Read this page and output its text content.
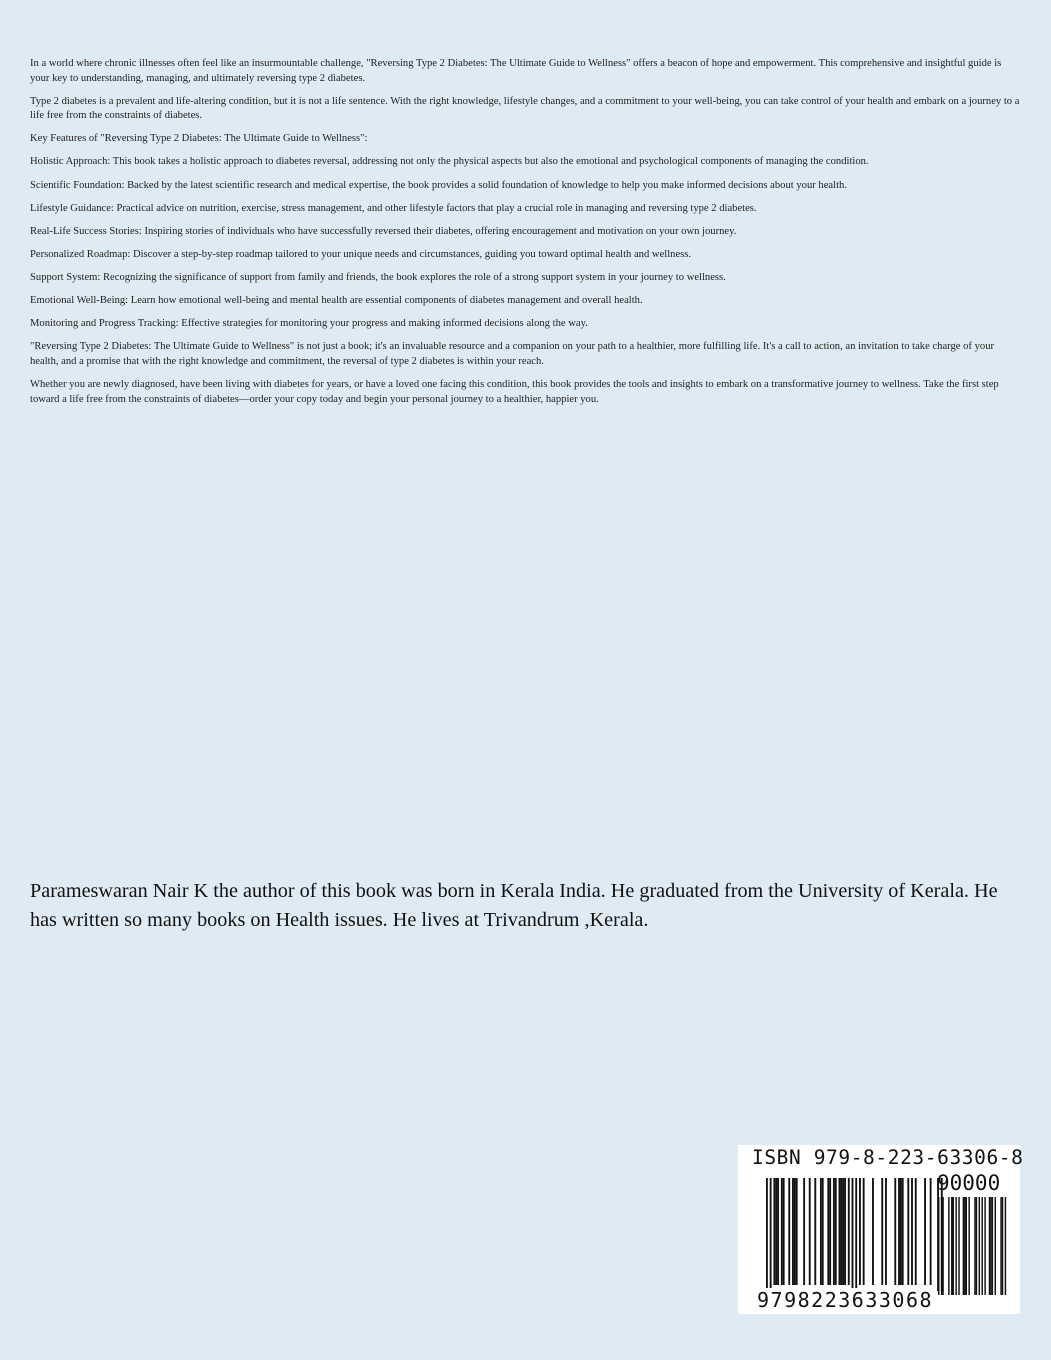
In a world where chronic illnesses often feel like an insurmountable challenge, "Reversing Type 2 Diabetes: The Ultimate Guide to Wellness" offers a beacon of hope and empowerment. This comprehensive and insightful guide is your key to understanding, managing, and ultimately reversing type 2 diabetes.

Type 2 diabetes is a prevalent and life-altering condition, but it is not a life sentence. With the right knowledge, lifestyle changes, and a commitment to your well-being, you can take control of your health and embark on a journey to a life free from the constraints of diabetes.

Key Features of "Reversing Type 2 Diabetes: The Ultimate Guide to Wellness":

Holistic Approach: This book takes a holistic approach to diabetes reversal, addressing not only the physical aspects but also the emotional and psychological components of managing the condition.

Scientific Foundation: Backed by the latest scientific research and medical expertise, the book provides a solid foundation of knowledge to help you make informed decisions about your health.

Lifestyle Guidance: Practical advice on nutrition, exercise, stress management, and other lifestyle factors that play a crucial role in managing and reversing type 2 diabetes.

Real-Life Success Stories: Inspiring stories of individuals who have successfully reversed their diabetes, offering encouragement and motivation on your own journey.

Personalized Roadmap: Discover a step-by-step roadmap tailored to your unique needs and circumstances, guiding you toward optimal health and wellness.

Support System: Recognizing the significance of support from family and friends, the book explores the role of a strong support system in your journey to wellness.

Emotional Well-Being: Learn how emotional well-being and mental health are essential components of diabetes management and overall health.

Monitoring and Progress Tracking: Effective strategies for monitoring your progress and making informed decisions along the way.

"Reversing Type 2 Diabetes: The Ultimate Guide to Wellness" is not just a book; it's an invaluable resource and a companion on your path to a healthier, more fulfilling life. It's a call to action, an invitation to take charge of your health, and a promise that with the right knowledge and commitment, the reversal of type 2 diabetes is within your reach.

Whether you are newly diagnosed, have been living with diabetes for years, or have a loved one facing this condition, this book provides the tools and insights to embark on a transformative journey to wellness. Take the first step toward a life free from the constraints of diabetes—order your copy today and begin your personal journey to a healthier, happier you.

Parameswaran Nair K the author of this book was born in Kerala India. He graduated from the University of Kerala. He has written so many books on Health issues. He lives at Trivandrum ,Kerala.

ISBN 979-8-223-63306-8
90000
9798223633068
